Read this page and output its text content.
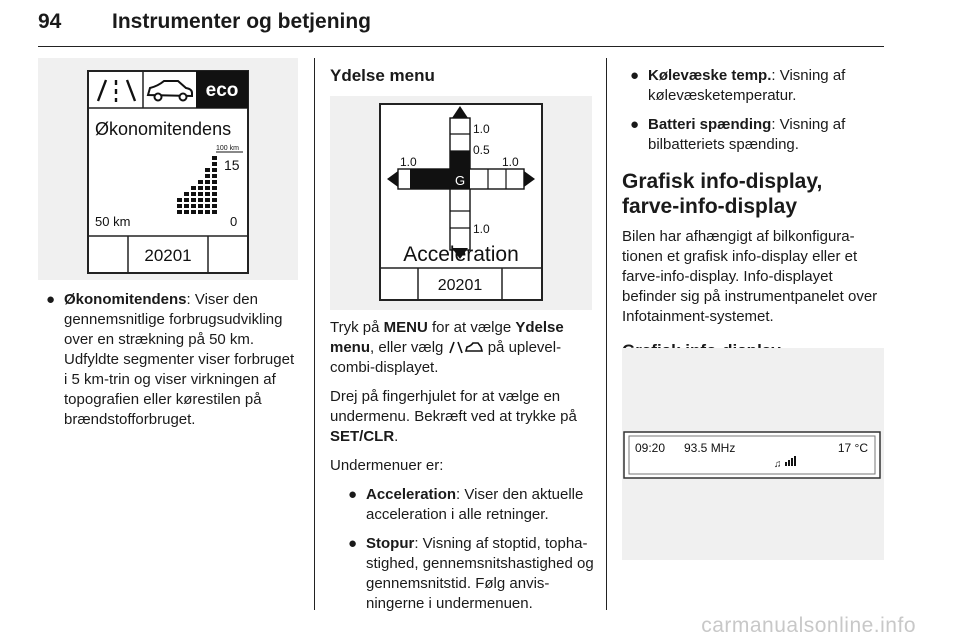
94 Instrumenter og betjening
eco
Økonomitendens
100 km
15
50 km	0
20201
● Økonomitendens: Viser den gennemsnitlige forbrugsudvikling over en strækning på 50 km. Udfyldte segmenter viser forbruget i 5 km-trin og viser virkningen af topografien eller kørestilen på brændstofforbruget.
Ydelse menu
G
1.0
0.5
1.0	1.0
1.0
Acceleration
20201

Tryk på MENU for at vælge Ydelse menu, eller vælg  på uplevel-combi-displayet.

Drej på fingerhjulet for at vælge en undermenu. Bekræft ved at trykke på SET/CLR.

Undermenuer er:

● Acceleration: Viser den aktuelle acceleration i alle retninger.
● Stopur: Visning af stoptid, tophastighed, gennemsnitshastighed og gennemsnitstid. Følg anvisningerne i undermenuen.
● Kølevæske temp.: Visning af kølevæsketemperatur.
● Batteri spænding: Visning af bilbatteriets spænding.
Grafisk info-display, farve-info-display

Bilen har afhængigt af bilkonfigurationen et grafisk info-display eller et farve-info-display. Info-displayet befinder sig på instrumentpanelet over Infotainment-systemet.

09:20 93.5 MHz	17 °C
♫
carmanualsonline.info
